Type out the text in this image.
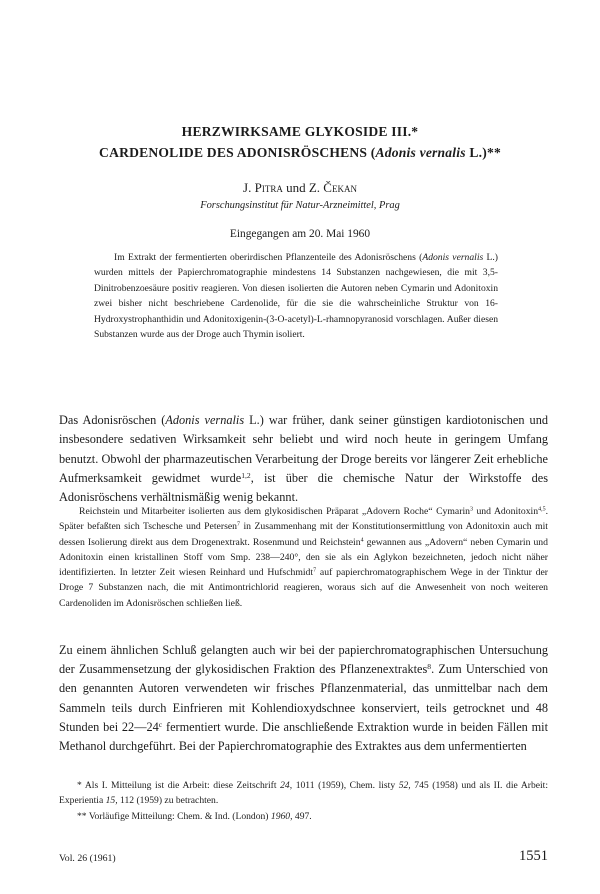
HERZWIRKSAME GLYKOSIDE III.*
CARDENOLIDE DES ADONISRÖSCHENS (Adonis vernalis L.)**
J. Pitra und Z. Čekan
Forschungsinstitut für Natur-Arzneimittel, Prag
Eingegangen am 20. Mai 1960

Im Extrakt der fermentierten oberirdischen Pflanzenteile des Adonisröschens (Adonis vernalis L.) wurden mittels der Papierchromatographie mindestens 14 Substanzen nachgewiesen, die mit 3,5-Dinitrobenzoesäure positiv reagieren. Von diesen isolierten die Autoren neben Cymarin und Adonitoxin zwei bisher nicht beschriebene Cardenolide, für die sie die wahrscheinliche Struktur von 16-Hydroxystrophanthidin und Adonitoxigenin-(3-O-acetyl)-L-rhamnopyranosid vorschlagen. Außer diesen Substanzen wurde aus der Droge auch Thymin isoliert.

Das Adonisröschen (Adonis vernalis L.) war früher, dank seiner günstigen kardiotonischen und insbesondere sedativen Wirksamkeit sehr beliebt und wird noch heute in geringem Umfang benutzt. Obwohl der pharmazeutischen Verarbeitung der Droge bereits vor längerer Zeit erhebliche Aufmerksamkeit gewidmet wurde$^{1,2}$, ist über die chemische Natur der Wirkstoffe des Adonisröschens verhältnismäßig wenig bekannt.

Reichstein und Mitarbeiter isolierten aus dem glykosidischen Präparat „Adovern Roche“ Cymarin$^3$ und Adonitoxin$^{4,5}$. Später befaßten sich Tschesche und Petersen$^7$ in Zusammenhang mit der Konstitutionsermittlung von Adonitoxin auch mit dessen Isolierung direkt aus dem Drogenextrakt. Rosenmund und Reichstein$^4$ gewannen aus „Adovern“ neben Cymarin und Adonitoxin einen kristallinen Stoff vom Smp. 238—240°, den sie als ein Aglykon bezeichneten, jedoch nicht näher identifizierten. In letzter Zeit wiesen Reinhard und Hufschmidt$^7$ auf papierchromatographischem Wege in der Tinktur der Droge 7 Substanzen nach, die mit Antimontrichlorid reagieren, woraus sich auf die Anwesenheit von noch weiteren Cardenoliden im Adonisröschen schließen ließ.

Zu einem ähnlichen Schluß gelangten auch wir bei der papierchromatographischen Untersuchung der Zusammensetzung der glykosidischen Fraktion des Pflanzenextraktes$^8$. Zum Unterschied von den genannten Autoren verwendeten wir frisches Pflanzenmaterial, das unmittelbar nach dem Sammeln teils durch Einfrieren mit Kohlendioxydschnee konserviert, teils getrocknet und 48 Stunden bei 22—24$^c$ fermentiert wurde. Die anschließende Extraktion wurde in beiden Fällen mit Methanol durchgeführt. Bei der Papierchromatographie des Extraktes aus dem unfermentierten

* Als I. Mitteilung ist die Arbeit: diese Zeitschrift 24, 1011 (1959), Chem. listy 52, 745 (1958) und als II. die Arbeit: Experientia 15, 112 (1959) zu betrachten.

** Vorläufige Mitteilung: Chem. & Ind. (London) 1960, 497.

Vol. 26 (1961)	1551
